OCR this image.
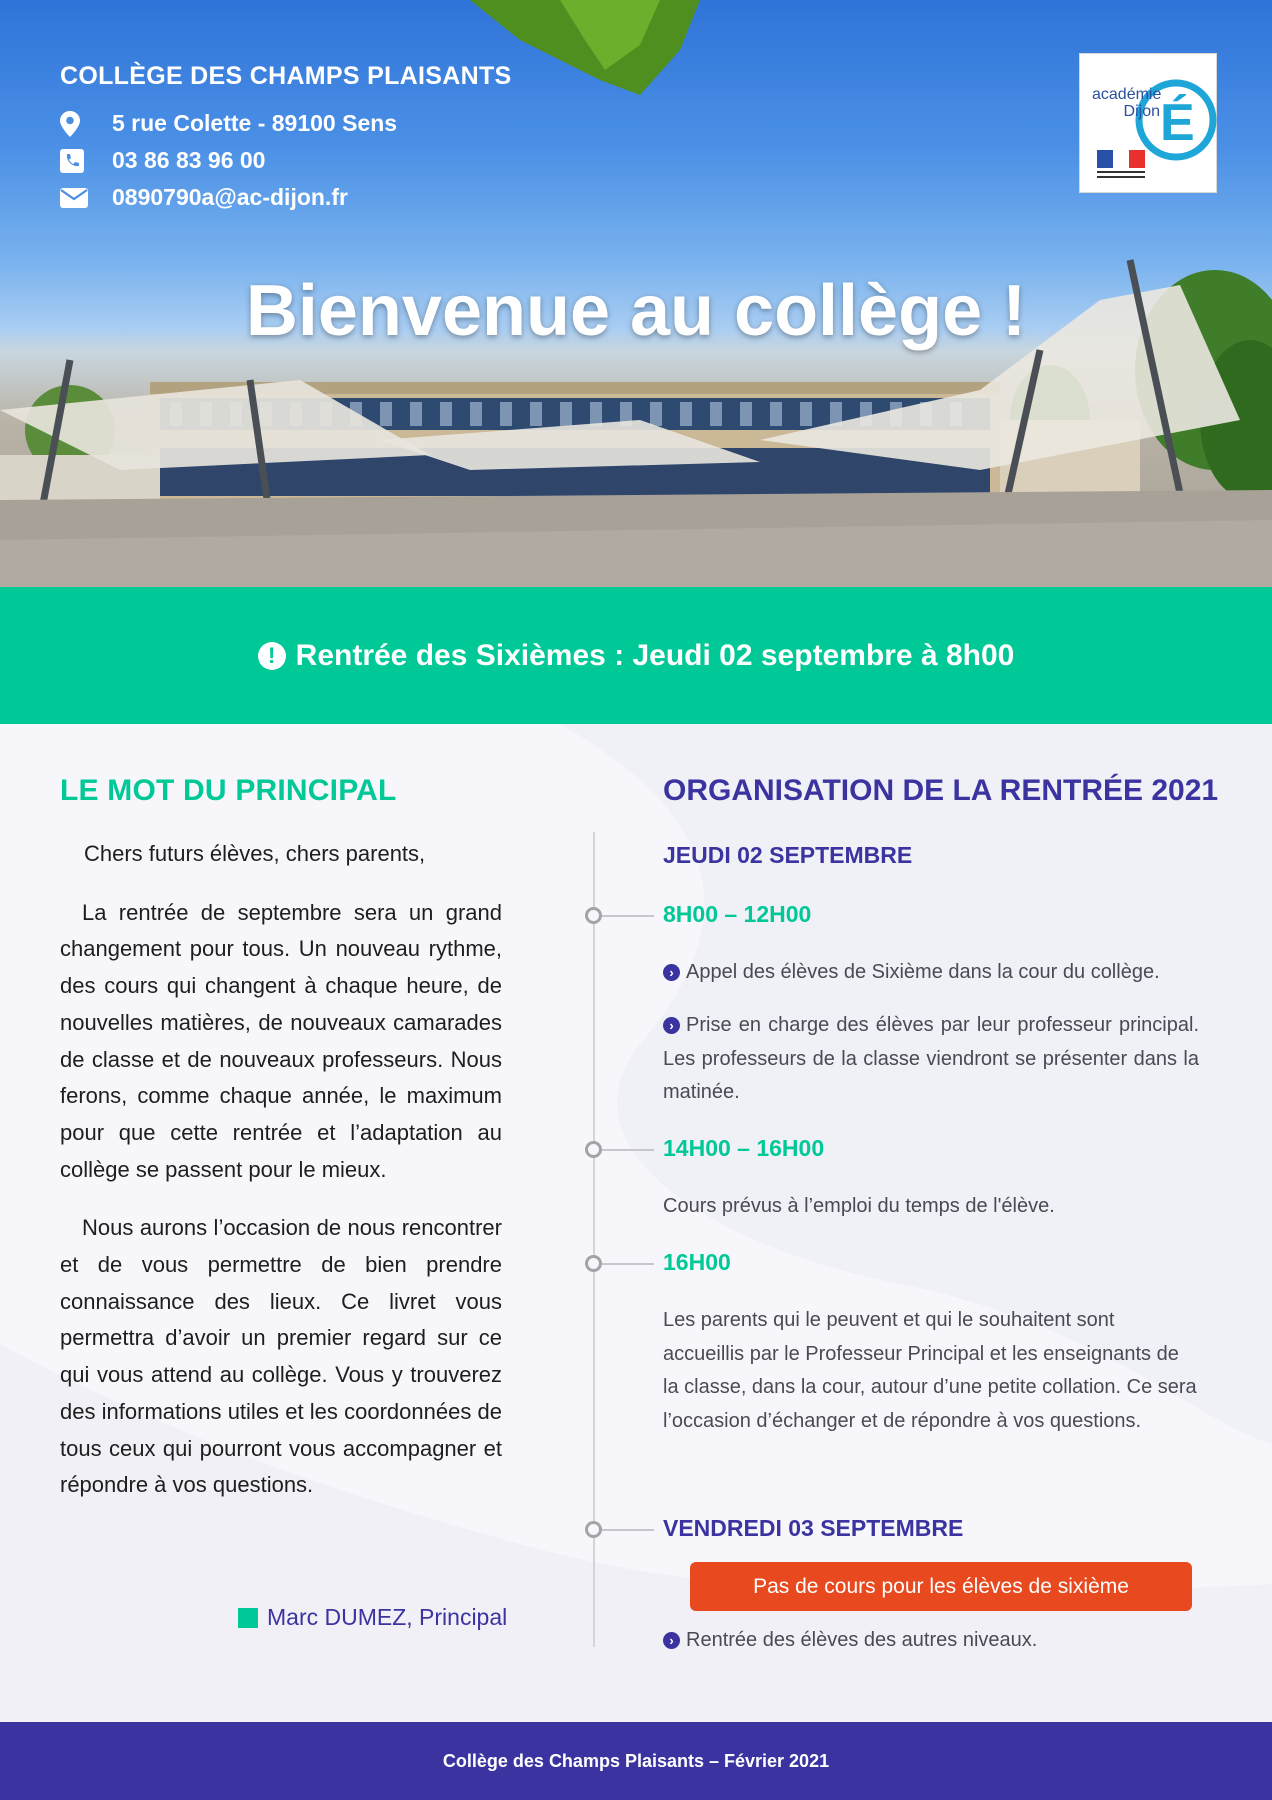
COLLÈGE DES CHAMPS PLAISANTS
5 rue Colette - 89100 Sens
03 86 83 96 00
0890790a@ac-dijon.fr
Bienvenue au collège !
É
académie
Dijon
! Rentrée des Sixièmes : Jeudi 02 septembre à 8h00
LE MOT DU PRINCIPAL

Chers futurs élèves, chers parents,

La rentrée de septembre sera un grand changement pour tous. Un nouveau rythme, des cours qui changent à chaque heure, de nouvelles matières, de nouveaux camarades de classe et de nouveaux professeurs. Nous ferons, comme chaque année, le maximum pour que cette rentrée et l’adaptation au collège se passent pour le mieux.

Nous aurons l’occasion de nous rencontrer et de vous permettre de bien prendre connaissance des lieux. Ce livret vous permettra d’avoir un premier regard sur ce qui vous attend au collège. Vous y trouverez des informations utiles et les coordonnées de tous ceux qui pourront vous accompagner et répondre à vos questions.

Marc DUMEZ, Principal
ORGANISATION DE LA RENTRÉE 2021
JEUDI 02 SEPTEMBRE
8H00 – 12H00
› Appel des élèves de Sixième dans la cour du collège.
› Prise en charge des élèves par leur professeur principal. Les professeurs de la classe viendront se présenter dans la matinée.
14H00 – 16H00
Cours prévus à l’emploi du temps de l'élève.
16H00
Les parents qui le peuvent et qui le souhaitent sont accueillis par le Professeur Principal et les enseignants de la classe, dans la cour, autour d’une petite collation. Ce sera l’occasion d’échanger et de répondre à vos questions.
VENDREDI 03 SEPTEMBRE
Pas de cours pour les élèves de sixième
› Rentrée des élèves des autres niveaux.
Collège des Champs Plaisants – Février 2021
